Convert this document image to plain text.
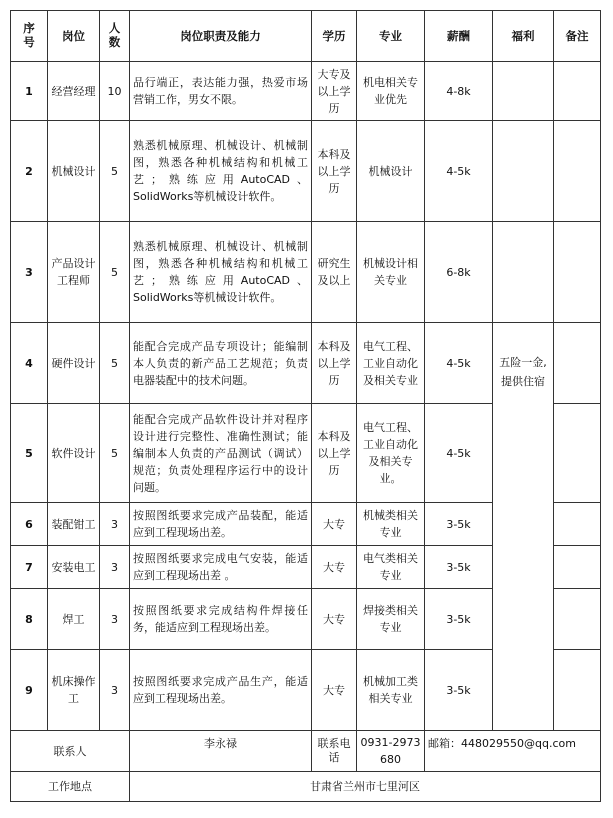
序号	岗位	人数	岗位职责及能力	学历	专业	薪酬	福利	备注	
1	经营经理	10	品行端正，表达能力强，热爱市场营销工作，男女不限。	大专及以上学历	机电相关专业优先	4-8k			
2	机械设计	5	熟悉机械原理、机械设计、机械制图，熟悉各种机械结构和机械工艺；熟练应用AutoCAD、SolidWorks等机械设计软件。	本科及以上学历	机械设计	4-5k			
3	产品设计工程师	5	熟悉机械原理、机械设计、机械制图，熟悉各种机械结构和机械工艺；熟练应用AutoCAD、SolidWorks等机械设计软件。	研究生及以上	机械设计相关专业	6-8k			
4	硬件设计	5	能配合完成产品专项设计；能编制本人负责的新产品工艺规范；负责电器装配中的技术问题。	本科及以上学历	电气工程、工业自动化及相关专业	4-5k	五险一金,提供住宿		
5	软件设计	5	能配合完成产品软件设计并对程序设计进行完整性、准确性测试；能编制本人负责的产品测试（调试）规范；负责处理程序运行中的设计问题。	本科及以上学历	电气工程、工业自动化及相关专业。	4-5k			
6	装配钳工	3	按照图纸要求完成产品装配，能适应到工程现场出差。	大专	机械类相关专业	3-5k			
7	安装电工	3	按照图纸要求完成电气安装，能适应到工程现场出差 。	大专	电气类相关专业	3-5k			
8	焊工	3	按照图纸要求完成结构件焊接任务，能适应到工程现场出差。	大专	焊接类相关专业	3-5k			
9	机床操作工	3	按照图纸要求完成产品生产，能适应到工程现场出差。	大专	机械加工类相关专业	3-5k			
联系人			李永禄	联系电话	0931-2973680	邮箱：448029550@qq.com			
工作地点			甘肃省兰州市七里河区						
